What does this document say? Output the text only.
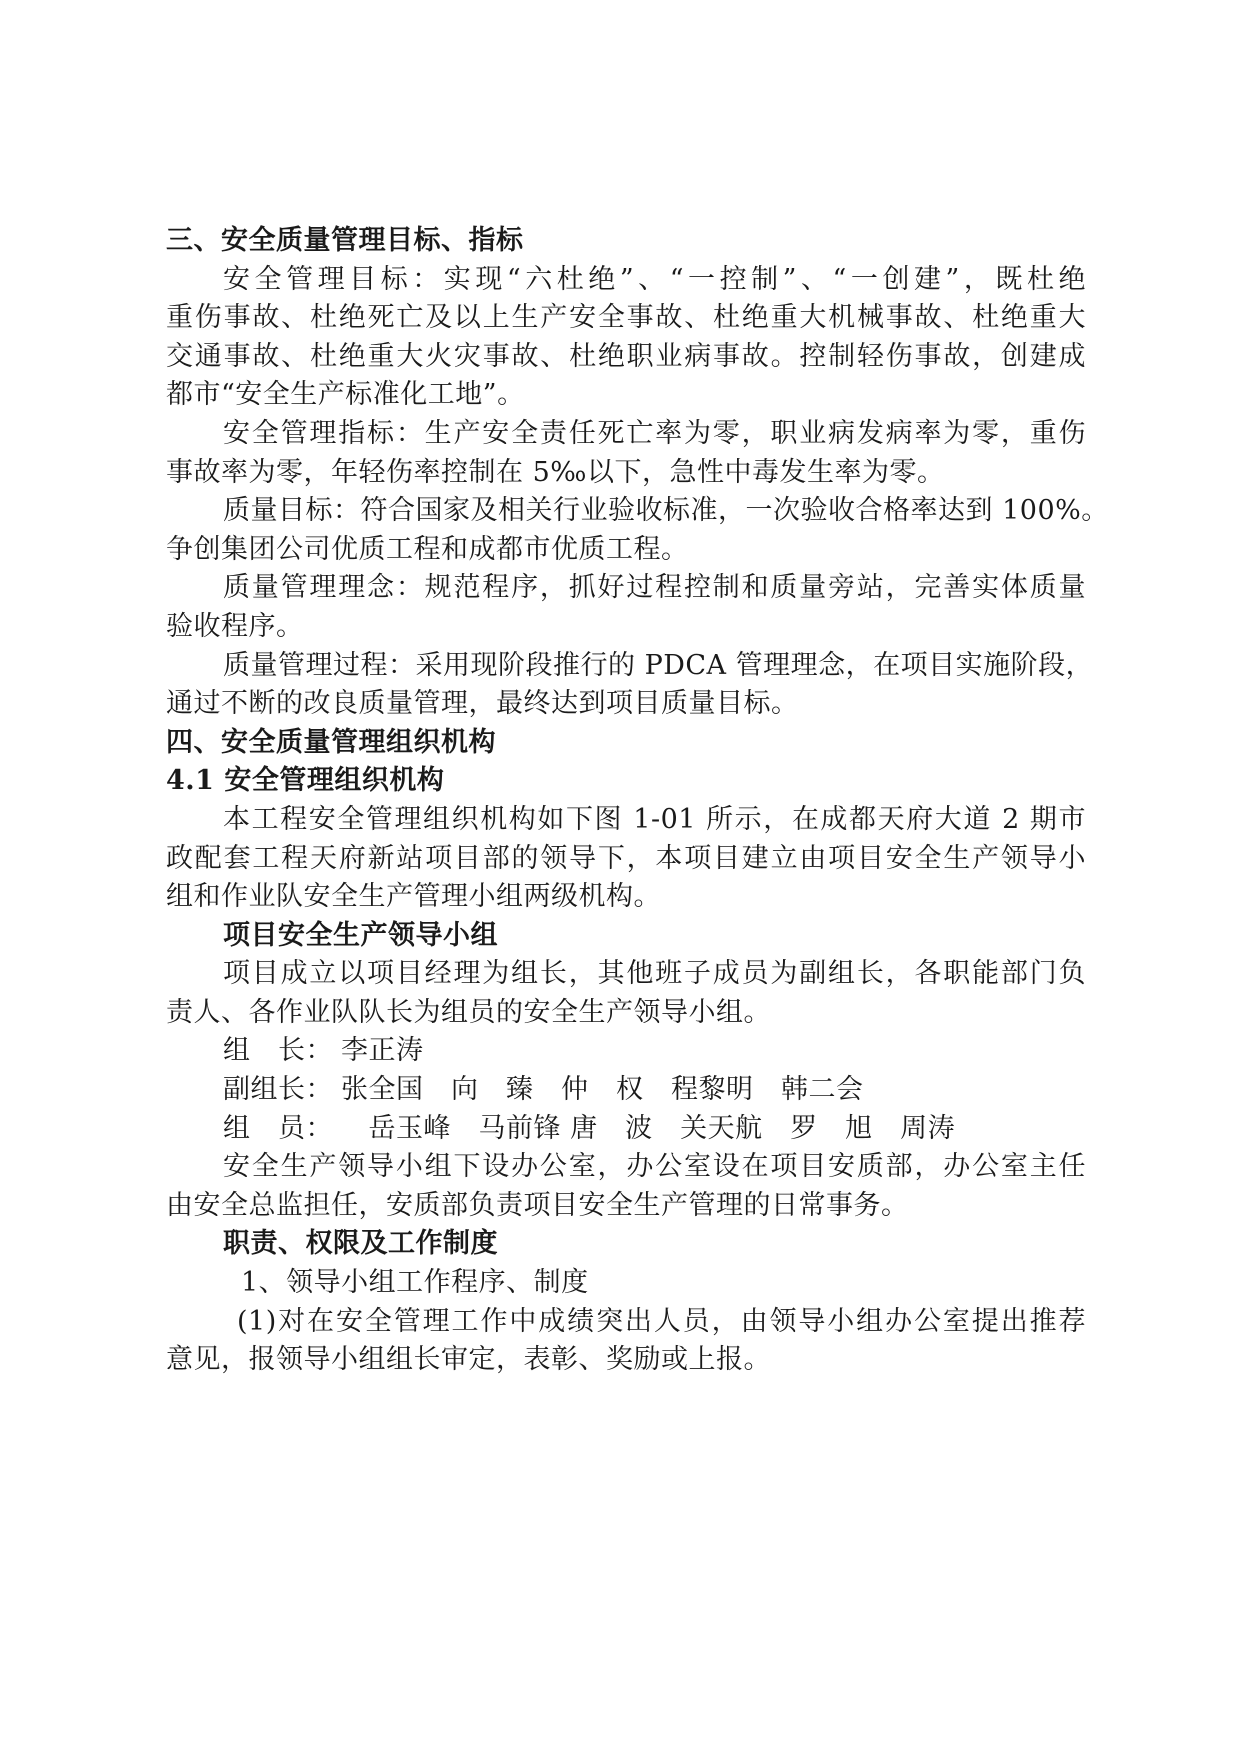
三、安全质量管理目标、指标
安全管理目标：实现“六杜绝”、“一控制”、“一创建”，既杜绝
重伤事故、杜绝死亡及以上生产安全事故、杜绝重大机械事故、杜绝重大
交通事故、杜绝重大火灾事故、杜绝职业病事故。控制轻伤事故，创建成
都市“安全生产标准化工地”。
安全管理指标：生产安全责任死亡率为零，职业病发病率为零，重伤
事故率为零，年轻伤率控制在 5‰以下，急性中毒发生率为零。
质量目标：符合国家及相关行业验收标准，一次验收合格率达到 100%。
争创集团公司优质工程和成都市优质工程。
质量管理理念：规范程序，抓好过程控制和质量旁站，完善实体质量
验收程序。
质量管理过程：采用现阶段推行的 PDCA 管理理念，在项目实施阶段，
通过不断的改良质量管理，最终达到项目质量目标。
四、安全质量管理组织机构
4.1 安全管理组织机构
本工程安全管理组织机构如下图 1-01 所示，在成都天府大道 2 期市
政配套工程天府新站项目部的领导下，本项目建立由项目安全生产领导小
组和作业队安全生产管理小组两级机构。
项目安全生产领导小组
项目成立以项目经理为组长，其他班子成员为副组长，各职能部门负
责人、各作业队队长为组员的安全生产领导小组。
组　长： 李正涛
副组长： 张全国　向　臻　仲　权　程黎明　韩二会
组　员： 　岳玉峰　马前锋 唐　波　关天航　罗　旭　周涛
安全生产领导小组下设办公室，办公室设在项目安质部，办公室主任
由安全总监担任，安质部负责项目安全生产管理的日常事务。
职责、权限及工作制度
1、领导小组工作程序、制度
(1)对在安全管理工作中成绩突出人员，由领导小组办公室提出推荐
意见，报领导小组组长审定，表彰、奖励或上报。
